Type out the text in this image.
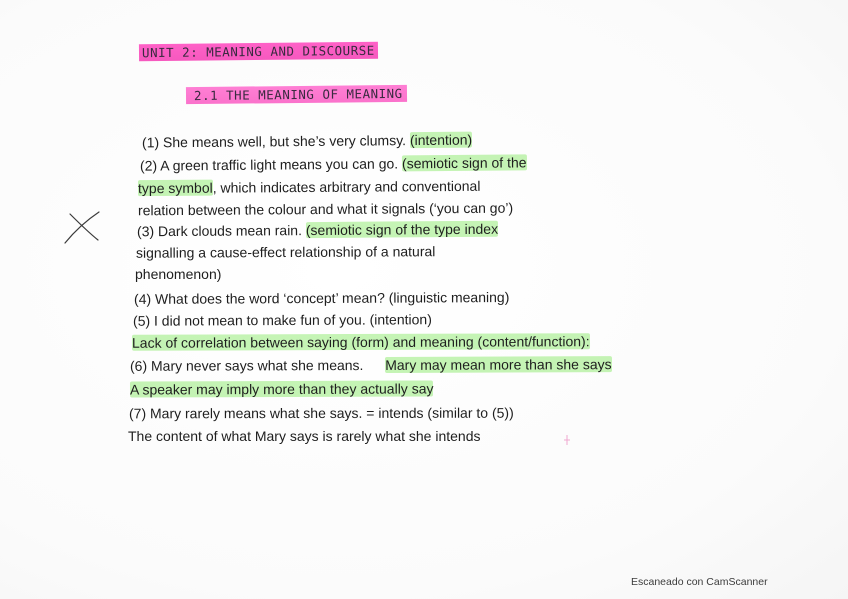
UNIT 2: MEANING AND DISCOURSE
2.1 THE MEANING OF MEANING
(1) She means well, but she’s very clumsy. (intention)
(2) A green traffic light means you can go. (semiotic sign of the
type symbol, which indicates arbitrary and conventional
relation between the colour and what it signals (‘you can go’)
(3) Dark clouds mean rain. (semiotic sign of the type index
signalling a cause-effect relationship of a natural
phenomenon)
(4) What does the word ‘concept’ mean? (linguistic meaning)
(5) I did not mean to make fun of you. (intention)
Lack of correlation between saying (form) and meaning (content/function):
(6) Mary never says what she means. Mary may mean more than she says
A speaker may imply more than they actually say
(7) Mary rarely means what she says. = intends (similar to (5))
The content of what Mary says is rarely what she intends
Escaneado con CamScanner
